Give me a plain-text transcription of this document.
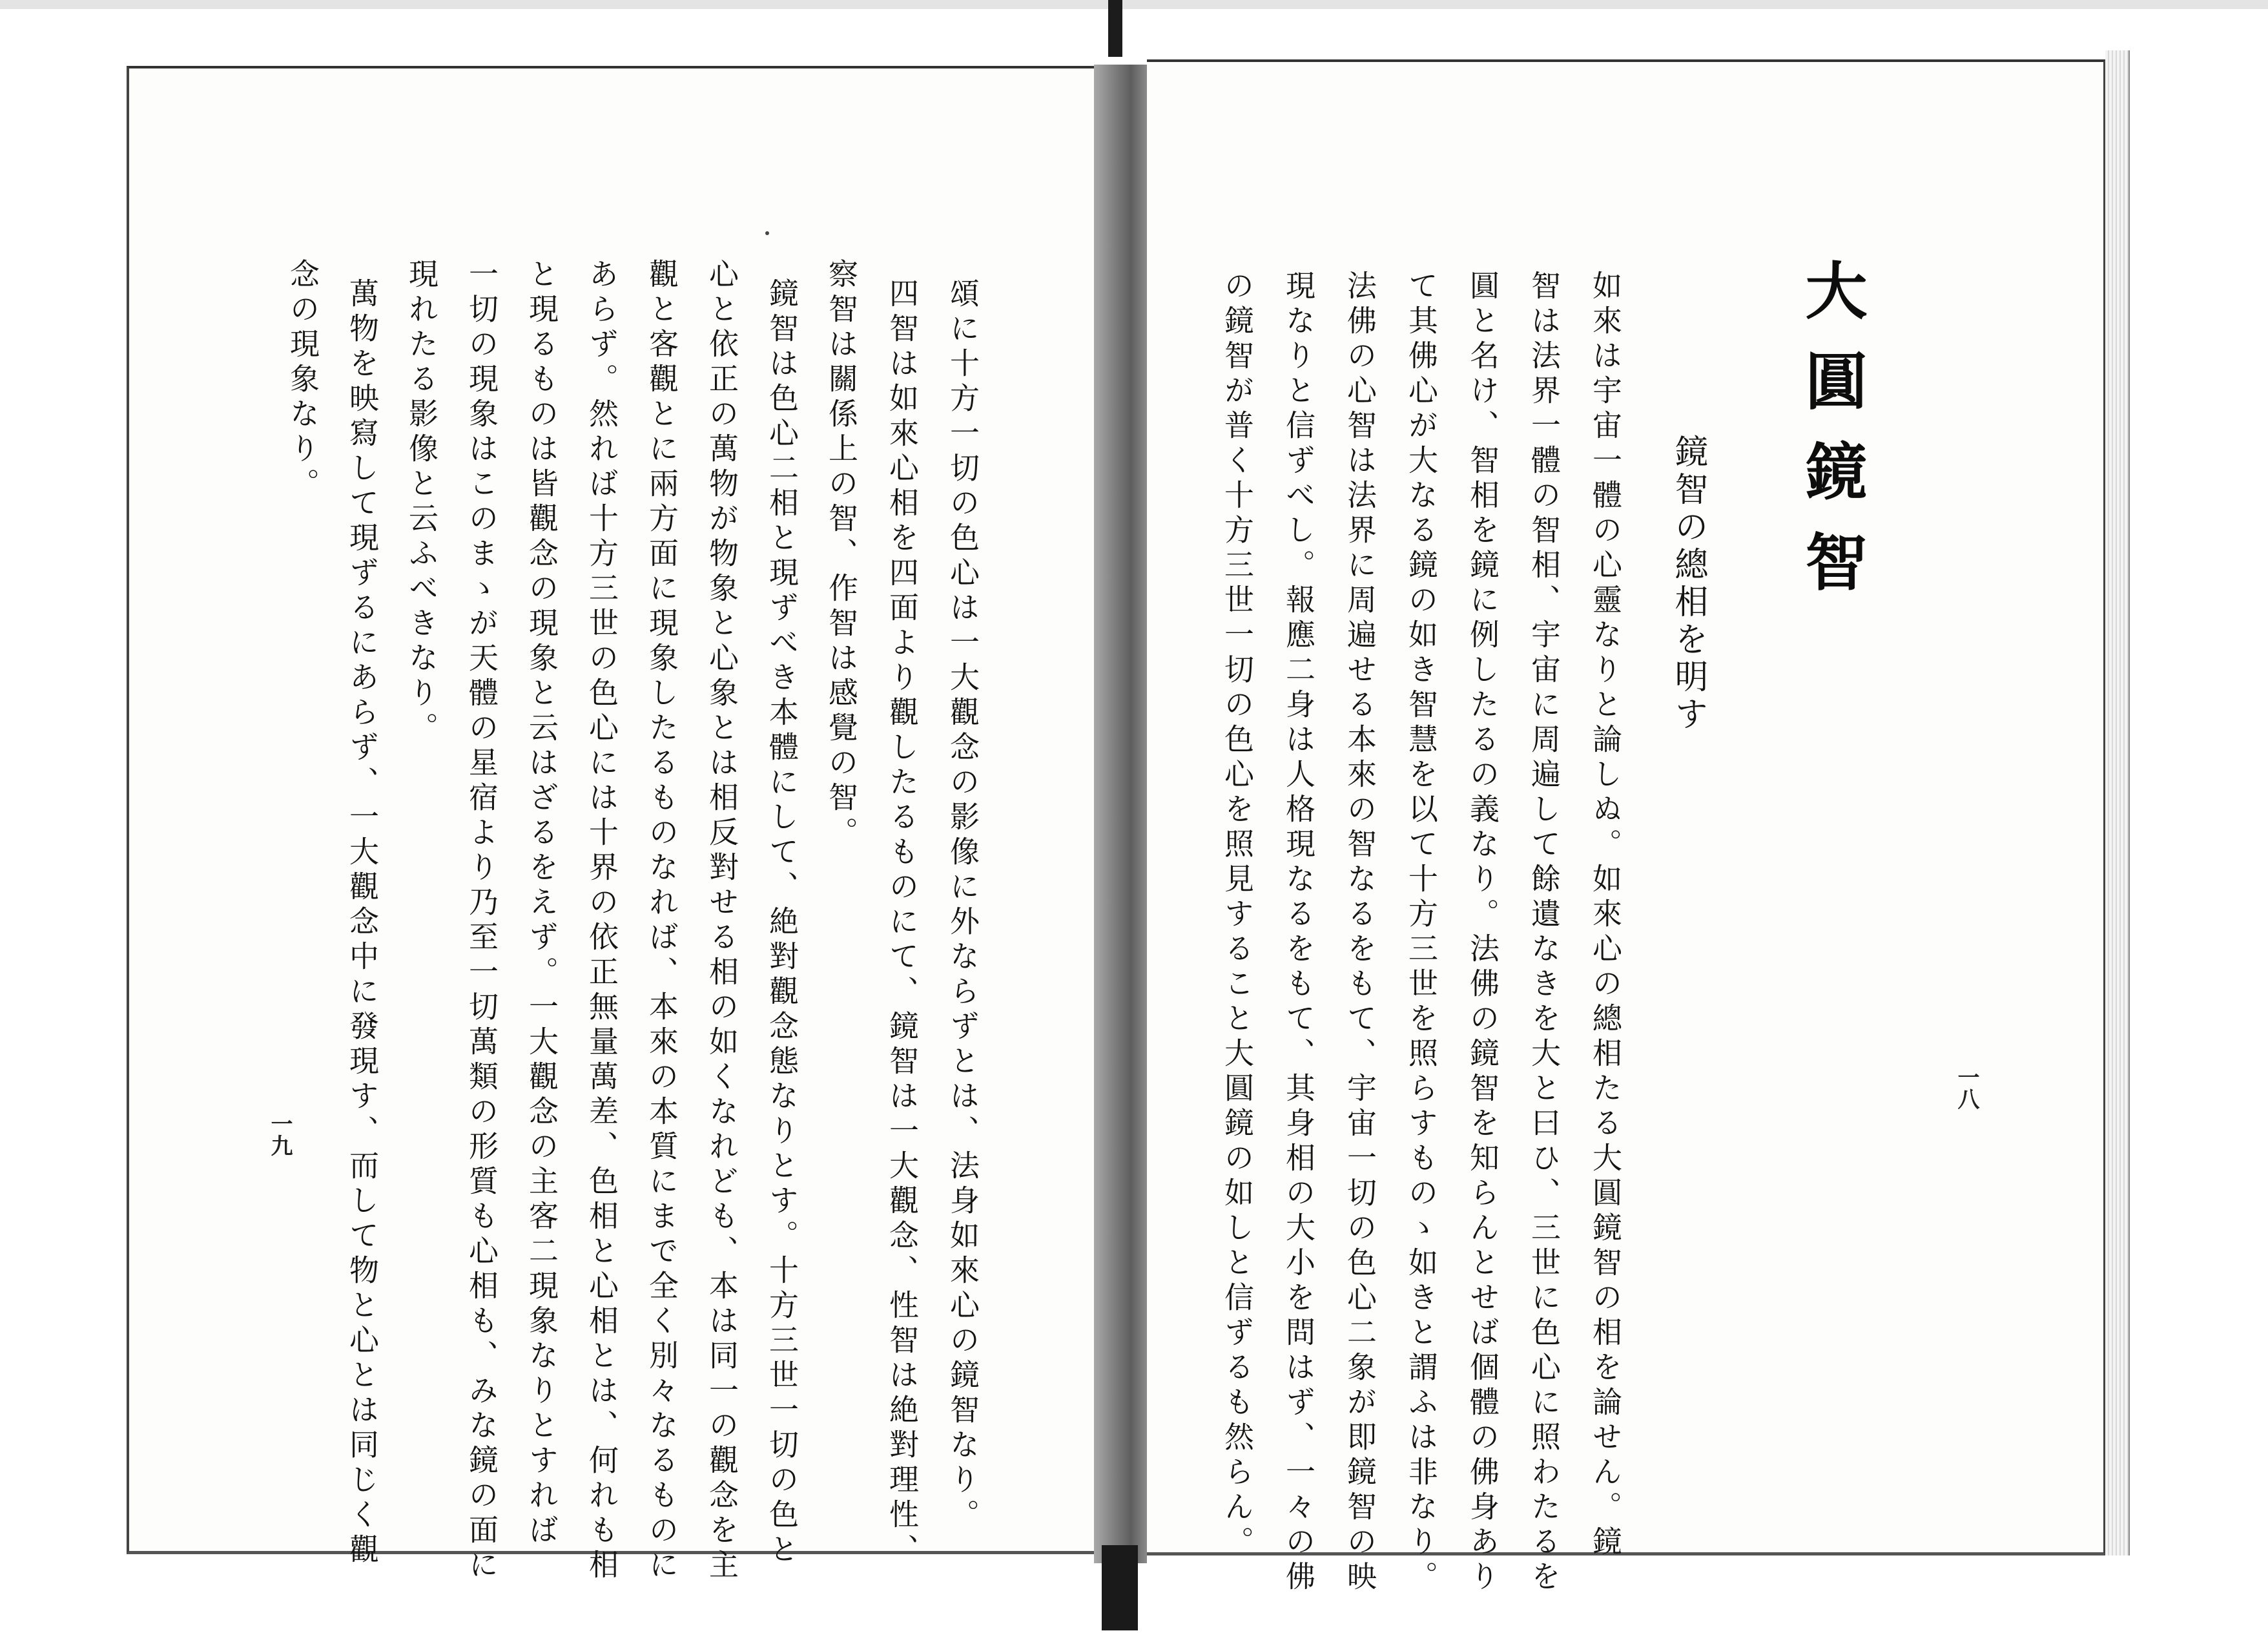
大圓鏡智
鏡智の總相を明す
如來は宇宙一體の心靈なりと論しぬ。如來心の總相たる大圓鏡智の相を論せん。鏡
智は法界一體の智相、宇宙に周遍して餘遺なきを大と曰ひ、三世に色心に照わたるを
圓と名け、智相を鏡に例したるの義なり。法佛の鏡智を知らんとせば個體の佛身あり
て其佛心が大なる鏡の如き智慧を以て十方三世を照らすものゝ如きと謂ふは非なり。
法佛の心智は法界に周遍せる本來の智なるをもて、宇宙一切の色心二象が即鏡智の映
現なりと信ずべし。報應二身は人格現なるをもて、其身相の大小を問はず、一々の佛
の鏡智が普く十方三世一切の色心を照見すること大圓鏡の如しと信ずるも然らん。	一八
頌に十方一切の色心は一大觀念の影像に外ならずとは、法身如來心の鏡智なり。
四智は如來心相を四面より觀したるものにて、鏡智は一大觀念、性智は絶對理性、
察智は關係上の智、作智は感覺の智。
鏡智は色心二相と現ずべき本體にして、絶對觀念態なりとす。十方三世一切の色と
心と依正の萬物が物象と心象とは相反對せる相の如くなれども、本は同一の觀念を主
觀と客觀とに兩方面に現象したるものなれば、本來の本質にまで全く別々なるものに
あらず。然れば十方三世の色心には十界の依正無量萬差、色相と心相とは、何れも相
と現るものは皆觀念の現象と云はざるをえず。一大觀念の主客二現象なりとすれば
一切の現象はこのまゝが天體の星宿より乃至一切萬類の形質も心相も、みな鏡の面に
現れたる影像と云ふべきなり。
萬物を映寫して現ずるにあらず、一大觀念中に發現す、而して物と心とは同じく觀
念の現象なり。
一九
